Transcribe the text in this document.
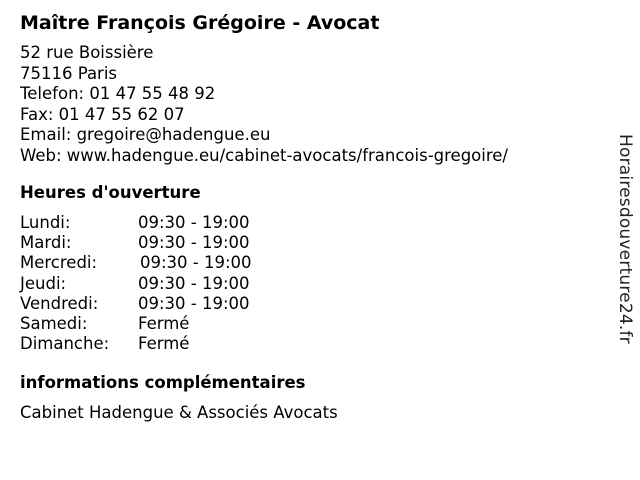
Maître François Grégoire - Avocat
52 rue Boissière
75116 Paris
Telefon: 01 47 55 48 92
Fax: 01 47 55 62 07
Email: gregoire@hadengue.eu
Web: www.hadengue.eu/cabinet-avocats/francois-gregoire/
Heures d'ouverture
Lundi:	09:30 - 19:00
Mardi:	09:30 - 19:00
Mercredi:	09:30 - 19:00
Jeudi:	09:30 - 19:00
Vendredi: 09:30 - 19:00
Samedi:	Fermé
Dimanche: Fermé
informations complémentaires
Cabinet Hadengue & Associés Avocats
Horairesdouverture24.fr
